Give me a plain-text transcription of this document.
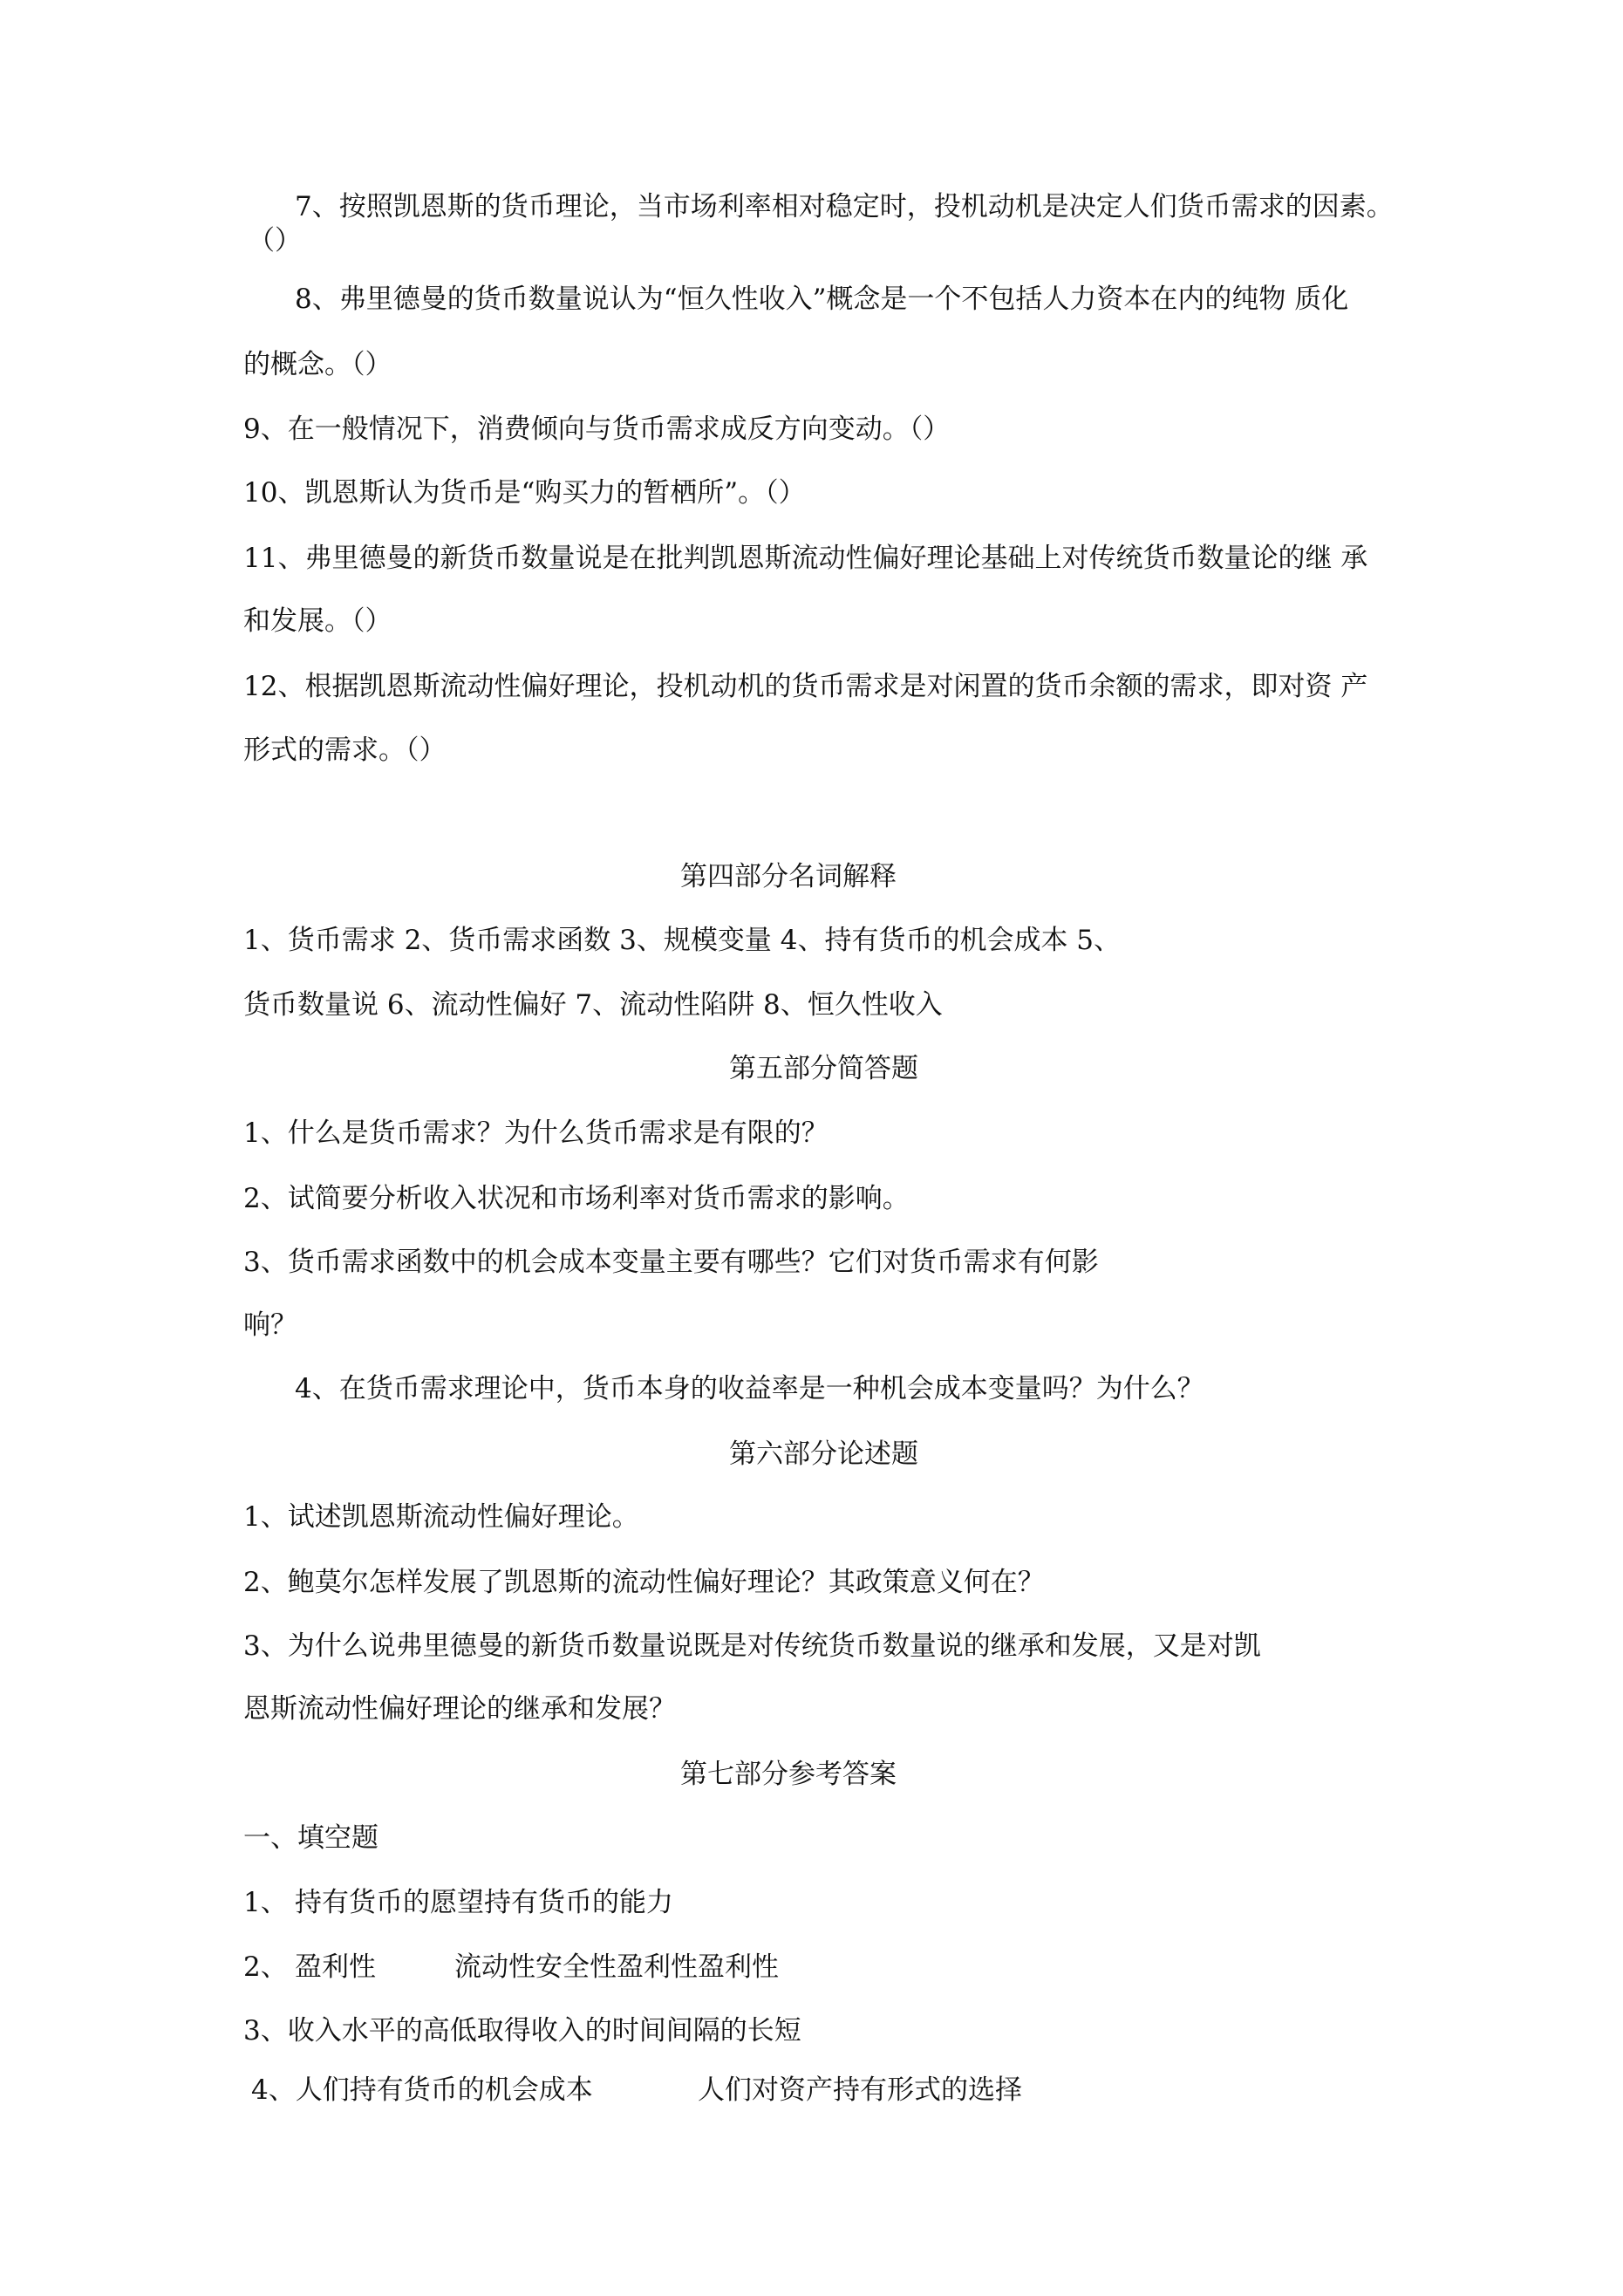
7、按照凯恩斯的货币理论，当市场利率相对稳定时，投机动机是决定人们货币需求的因素。
（）
8、弗里德曼的货币数量说认为“恒久性收入”概念是一个不包括人力资本在内的纯物 质化
的概念。（）
9、在一般情况下，消费倾向与货币需求成反方向变动。（）
10、凯恩斯认为货币是“购买力的暂栖所”。（）
11、弗里德曼的新货币数量说是在批判凯恩斯流动性偏好理论基础上对传统货币数量论的继 承
和发展。（）
12、根据凯恩斯流动性偏好理论，投机动机的货币需求是对闲置的货币余额的需求，即对资 产
形式的需求。（）
第四部分名词解释
1、货币需求 2、货币需求函数 3、规模变量 4、持有货币的机会成本 5、
货币数量说 6、流动性偏好 7、流动性陷阱 8、恒久性收入
第五部分简答题
1、什么是货币需求？为什么货币需求是有限的？
2、试简要分析收入状况和市场利率对货币需求的影响。
3、货币需求函数中的机会成本变量主要有哪些？它们对货币需求有何影
响？
4、在货币需求理论中，货币本身的收益率是一种机会成本变量吗？为什么？
第六部分论述题
1、试述凯恩斯流动性偏好理论。
2、鲍莫尔怎样发展了凯恩斯的流动性偏好理论？其政策意义何在？
3、为什么说弗里德曼的新货币数量说既是对传统货币数量说的继承和发展，又是对凯
恩斯流动性偏好理论的继承和发展？
第七部分参考答案
一、填空题
1、 持有货币的愿望持有货币的能力
2、 盈利性	流动性安全性盈利性盈利性
3、收入水平的高低取得收入的时间间隔的长短
4、人们持有货币的机会成本	人们对资产持有形式的选择
